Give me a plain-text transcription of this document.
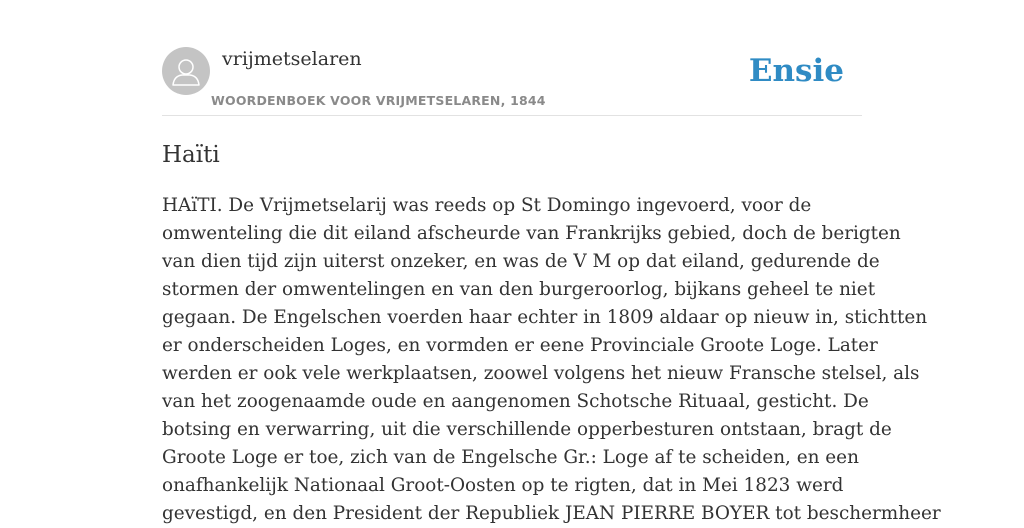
vrijmetselaren
WOORDENBOEK VOOR VRIJMETSELAREN, 1844
Ensie
Haïti
HAïTI. De Vrijmetselarij was reeds op St Domingo ingevoerd, voor de
omwenteling die dit eiland afscheurde van Frankrijks gebied, doch de berigten
van dien tijd zijn uiterst onzeker, en was de V M op dat eiland, gedurende de
stormen der omwentelingen en van den burgeroorlog, bijkans geheel te niet
gegaan. De Engelschen voerden haar echter in 1809 aldaar op nieuw in, stichtten
er onderscheiden Loges, en vormden er eene Provinciale Groote Loge. Later
werden er ook vele werkplaatsen, zoowel volgens het nieuw Fransche stelsel, als
van het zoogenaamde oude en aangenomen Schotsche Rituaal, gesticht. De
botsing en verwarring, uit die verschillende opperbesturen ontstaan, bragt de
Groote Loge er toe, zich van de Engelsche Gr.: Loge af te scheiden, en een
onafhankelijk Nationaal Groot-Oosten op te rigten, dat in Mei 1823 werd
gevestigd, en den President der Republiek JEAN PIERRE BOYER tot beschermheer
